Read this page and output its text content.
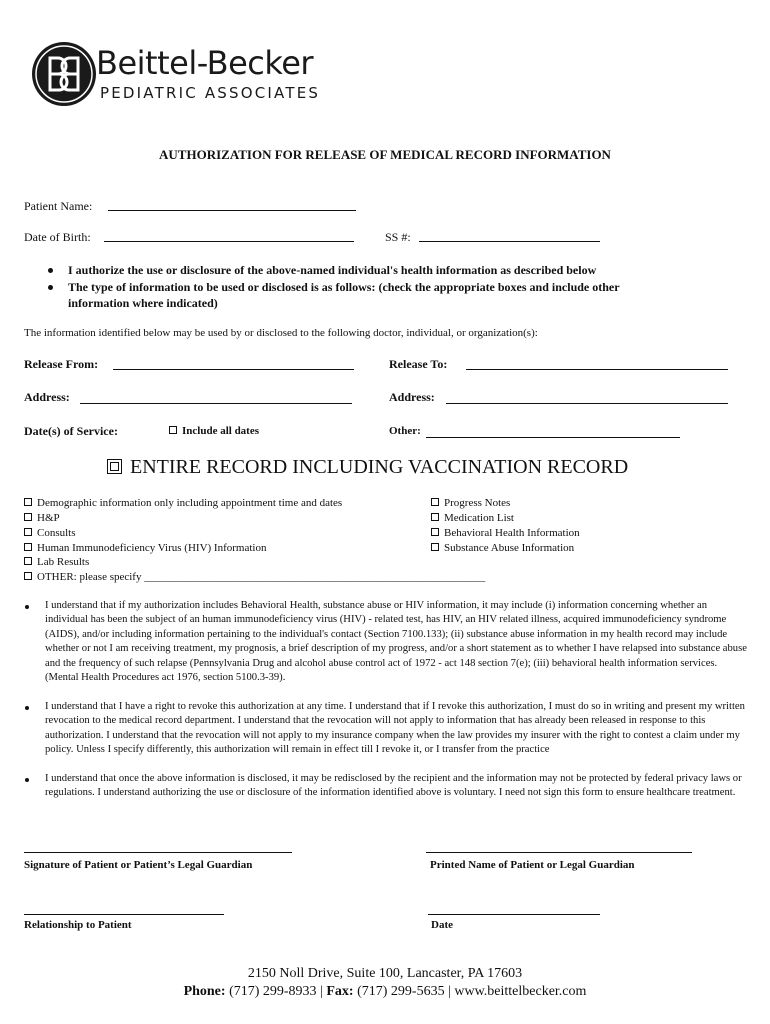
Beittel-Becker
PEDIATRIC ASSOCIATES
AUTHORIZATION FOR RELEASE OF MEDICAL RECORD INFORMATION
Patient Name:
Date of Birth:	SS #:
I authorize the use or disclosure of the above-named individual's health information as described below
The type of information to be used or disclosed is as follows: (check the appropriate boxes and include other
information where indicated)
The information identified below may be used by or disclosed to the following doctor, individual, or organization(s):
Release From:	Release To:
Address:	Address:
Date(s) of Service:	Include all dates	Other:
ENTIRE RECORD INCLUDING VACCINATION RECORD
Demographic information only including appointment time and dates
H&P
Consults
Human Immunodeficiency Virus (HIV) Information
Lab Results
OTHER: please specify ______________________________________________________________
Progress Notes
Medication List
Behavioral Health Information
Substance Abuse Information
I understand that if my authorization includes Behavioral Health, substance abuse or HIV information, it may include (i) information concerning whether an individual has been the subject of an human immunodeficiency virus (HIV) - related test, has HIV, an HIV related illness, acquired immunodeficiency syndrome (AIDS), and/or including information pertaining to the individual's contact (Section 7100.133); (ii) substance abuse information in my health record may include whether or not I am receiving treatment, my prognosis, a brief description of my progress, and/or a short statement as to whether I have relapsed into substance abuse and the frequency of such relapse (Pennsylvania Drug and alcohol abuse control act of 1972 - act 148 section 7(e); (iii) behavioral health information services. (Mental Health Procedures act 1976, section 5100.3-39).
I understand that I have a right to revoke this authorization at any time. I understand that if I revoke this authorization, I must do so in writing and present my written revocation to the medical record department. I understand that the revocation will not apply to information that has already been released in response to this authorization. I understand that the revocation will not apply to my insurance company when the law provides my insurer with the right to contest a claim under my policy. Unless I specify differently, this authorization will remain in effect till I revoke it, or I transfer from the practice
I understand that once the above information is disclosed, it may be redisclosed by the recipient and the information may not be protected by federal privacy laws or regulations. I understand authorizing the use or disclosure of the information identified above is voluntary. I need not sign this form to ensure healthcare treatment.
Signature of Patient or Patient’s Legal Guardian	Printed Name of Patient or Legal Guardian
Relationship to Patient	Date
2150 Noll Drive, Suite 100, Lancaster, PA 17603
Phone: (717) 299-8933 | Fax: (717) 299-5635 | www.beittelbecker.com
